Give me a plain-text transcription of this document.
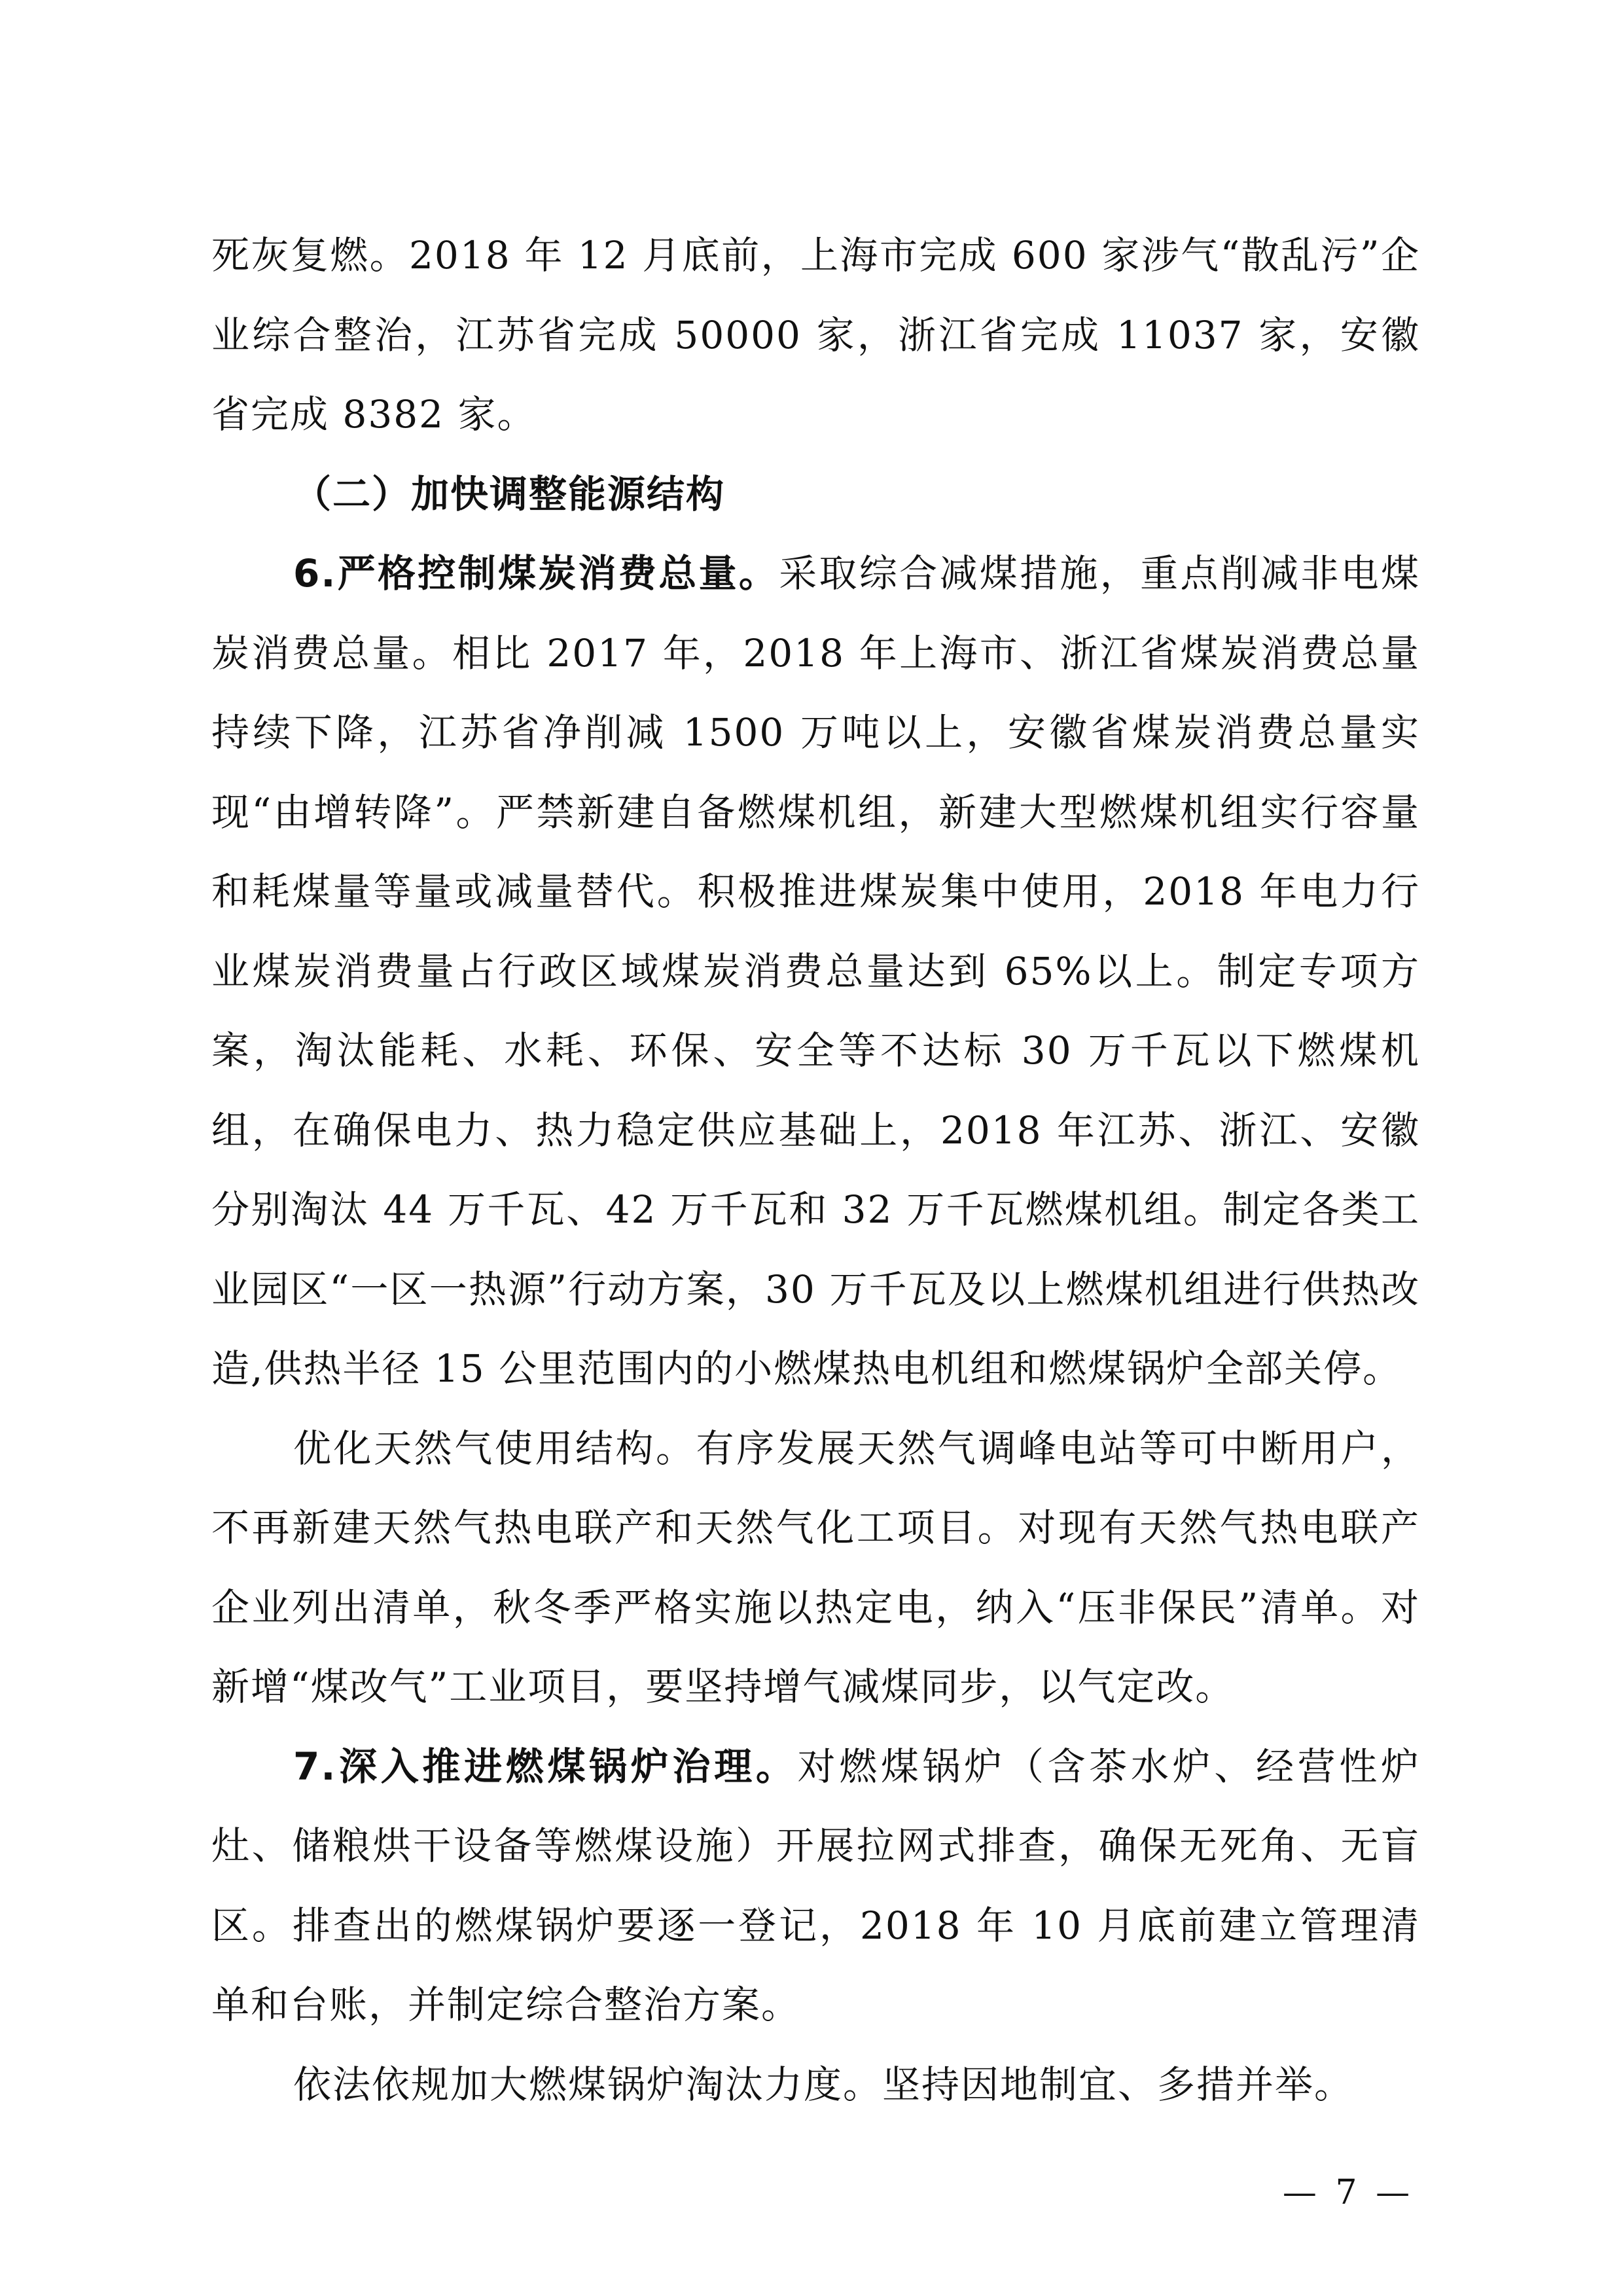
死灰复燃。2018 年 12 月底前，上海市完成 600 家涉气“散乱污”企业综合整治，江苏省完成 50000 家，浙江省完成 11037 家，安徽省完成 8382 家。

（二）加快调整能源结构

6.严格控制煤炭消费总量。采取综合减煤措施，重点削减非电煤炭消费总量。相比 2017 年，2018 年上海市、浙江省煤炭消费总量持续下降，江苏省净削减 1500 万吨以上，安徽省煤炭消费总量实现“由增转降”。严禁新建自备燃煤机组，新建大型燃煤机组实行容量和耗煤量等量或减量替代。积极推进煤炭集中使用，2018 年电力行业煤炭消费量占行政区域煤炭消费总量达到 65%以上。制定专项方案，淘汰能耗、水耗、环保、安全等不达标 30 万千瓦以下燃煤机组，在确保电力、热力稳定供应基础上，2018 年江苏、浙江、安徽分别淘汰 44 万千瓦、42 万千瓦和 32 万千瓦燃煤机组。制定各类工业园区“一区一热源”行动方案，30 万千瓦及以上燃煤机组进行供热改造,供热半径 15 公里范围内的小燃煤热电机组和燃煤锅炉全部关停。

优化天然气使用结构。有序发展天然气调峰电站等可中断用户，不再新建天然气热电联产和天然气化工项目。对现有天然气热电联产企业列出清单，秋冬季严格实施以热定电，纳入“压非保民”清单。对新增“煤改气”工业项目，要坚持增气减煤同步，以气定改。

7.深入推进燃煤锅炉治理。对燃煤锅炉（含茶水炉、经营性炉灶、储粮烘干设备等燃煤设施）开展拉网式排查，确保无死角、无盲区。排查出的燃煤锅炉要逐一登记，2018 年 10 月底前建立管理清单和台账，并制定综合整治方案。

依法依规加大燃煤锅炉淘汰力度。坚持因地制宜、多措并举。

— 7 —
